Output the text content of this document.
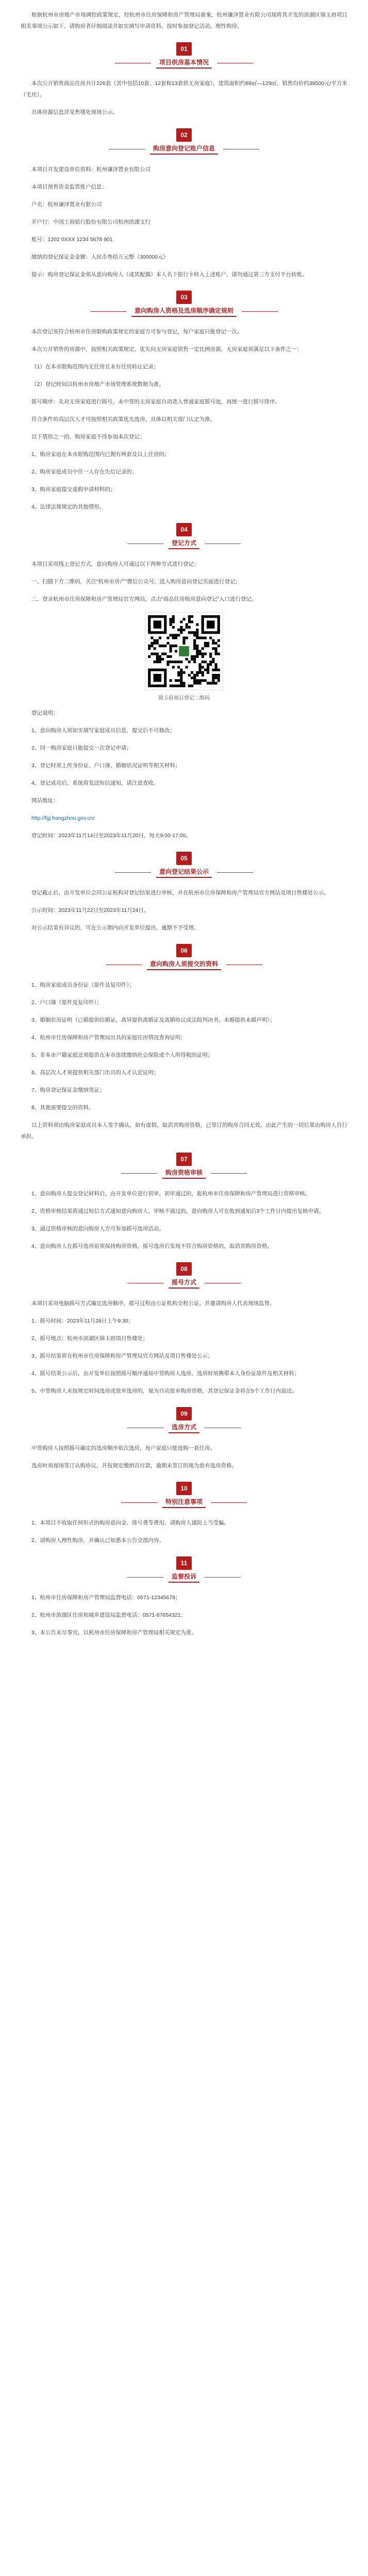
根据杭州市房地产市场调控政策规定，经杭州市住房保障和房产管理局备案，杭州谦泽置业有限公司现将其开发的滨湖区锦玉府项目相关事项公示如下，请购房者仔细阅读并如实填写申请资料，按时参加登记活动，理性购房。

01
项目供房基本情况

本次公开销售商品住房共计226套（其中包括10套、12套和13套供无房家庭），建筑面积约89㎡—129㎡，销售均价约38500元/平方米（毛坯）。

具体房源信息详见售楼处现场公示。

02
购房意向登记账户信息

本项目开发建设单位资料：杭州谦泽置业有限公司

本项目预售资金监管账户信息：

户名：杭州谦泽置业有限公司

开户行：中国工商银行股份有限公司杭州滨湖支行

账号：1202 0XXX 1234 5678 901

缴纳的登记保证金金额：人民币叁拾万元整（300000元）

提示：购房登记保证金须从意向购房人（或其配偶）本人名下银行卡转入上述账户，请勿通过第三方支付平台转账。

03
意向购房人资格及选房顺序确定规则

本次登记须符合杭州市住房限购政策规定的家庭方可参与登记，每户家庭只能登记一次。

本次公开销售的房源中，按照相关政策规定，优先向无房家庭销售一定比例房源，无房家庭须满足以下条件之一：

（1）在本市限购范围内无住房且未有住房转让记录；

（2）登记时间以杭州市房地产市场管理系统数据为准。

摇号顺序：先对无房家庭进行摇号，未中签的无房家庭自动进入普通家庭摇号池，再统一进行摇号排序。

符合条件的高层次人才可按照相关政策优先选房，具体以相关部门认定为准。

以下情形之一的，购房家庭不得参加本次登记：

1、购房家庭在本市限购范围内已拥有两套及以上住房的；

2、购房家庭成员中任一人存在失信记录的；

3、购房家庭提交虚假申请材料的；

4、法律法规规定的其他情形。

04
登记方式

本项目采用线上登记方式，意向购房人可通过以下两种方式进行登记：

一、扫描下方二维码，关注“杭州市房产”微信公众号，进入购房意向登记页面进行登记；

二、登录杭州市住房保障和房产管理局官方网站，点击“商品住房购房意向登记”入口进行登记。

锦玉府项目登记二维码

登记说明：

1、意向购房人须如实填写家庭成员信息，提交后不可修改；

2、同一购房家庭只能提交一次登记申请；

3、登记时须上传身份证、户口簿、婚姻状况证明等相关材料；

4、登记成功后，系统将发送短信通知，请注意查收。

网站地址：

http://fgj.hangzhou.gov.cn/

登记时间：2023年11月14日至2023年11月20日，每天9:00-17:00。

05
意向登记结果公示

登记截止后，由开发单位会同公证机构对登记结果进行审核，并在杭州市住房保障和房产管理局官方网站及项目售楼处公示。

公示时间：2023年11月22日至2023年11月24日。

对公示结果有异议的，可在公示期内向开发单位提出，逾期不予受理。

06
意向购房人须提交的资料

1、购房家庭成员身份证（原件及复印件）；

2、户口簿（原件及复印件）；

3、婚姻状况证明（已婚提供结婚证，离异提供离婚证及离婚协议或法院判决书，未婚提供未婚声明）；

4、杭州市住房保障和房产管理局出具的家庭住房情况查询证明；

5、非本市户籍家庭还须提供在本市连续缴纳社会保险或个人所得税的证明；

6、高层次人才须提供相关部门出具的人才认定证明；

7、购房登记保证金缴纳凭证；

8、其他需要提交的资料。

以上资料须由购房家庭成员本人签字确认，如有虚假，取消其购房资格，已签订的购房合同无效，由此产生的一切后果由购房人自行承担。

07
购房资格审核

1、意向购房人提交登记材料后，由开发单位进行初审，初审通过的，报杭州市住房保障和房产管理局进行资格审核。

2、资格审核结果将通过短信方式通知意向购房人，审核不通过的，意向购房人可在收到通知后3个工作日内提出复核申请。

3、通过资格审核的意向购房人方可参加摇号选房活动。

4、意向购房人在摇号选房前须保持购房资格，摇号选房后发现不符合购房资格的，取消其购房资格。

08
摇号方式

本项目采用电脑摇号方式确定选房顺序，摇号过程由公证机构全程公证，并邀请购房人代表现场监督。

1、摇号时间：2023年11月28日上午9:30；

2、摇号地点：杭州市滨湖区锦玉府项目售楼处；

3、摇号结果将在杭州市住房保障和房产管理局官方网站及项目售楼处公示；

4、摇号结果公示后，由开发单位按照摇号顺序通知中签购房人选房，选房时须携带本人身份证原件及相关材料；

5、中签购房人未按规定时间选房或放弃选房的，视为自动放弃购房资格，其登记保证金将在5个工作日内退还。

09
选房方式

中签购房人按照摇号确定的选房顺序依次选房，每户家庭只能选购一套住房。

选房时须现场签订认购协议，并按规定缴纳首付款，逾期未签订的视为放弃选房资格。

10
特别注意事项

1、本项目不收取任何形式的购房意向金、排号费等费用，请购房人谨防上当受骗。

2、请购房人理性购房，并确认已知悉本公告全部内容。

11
监督投诉

1、杭州市住房保障和房产管理局监督电话：0571-12345678；

2、杭州市滨湖区住房和城乡建设局监督电话：0571-87654321；

3、本公告未尽事宜，以杭州市住房保障和房产管理局相关规定为准。
